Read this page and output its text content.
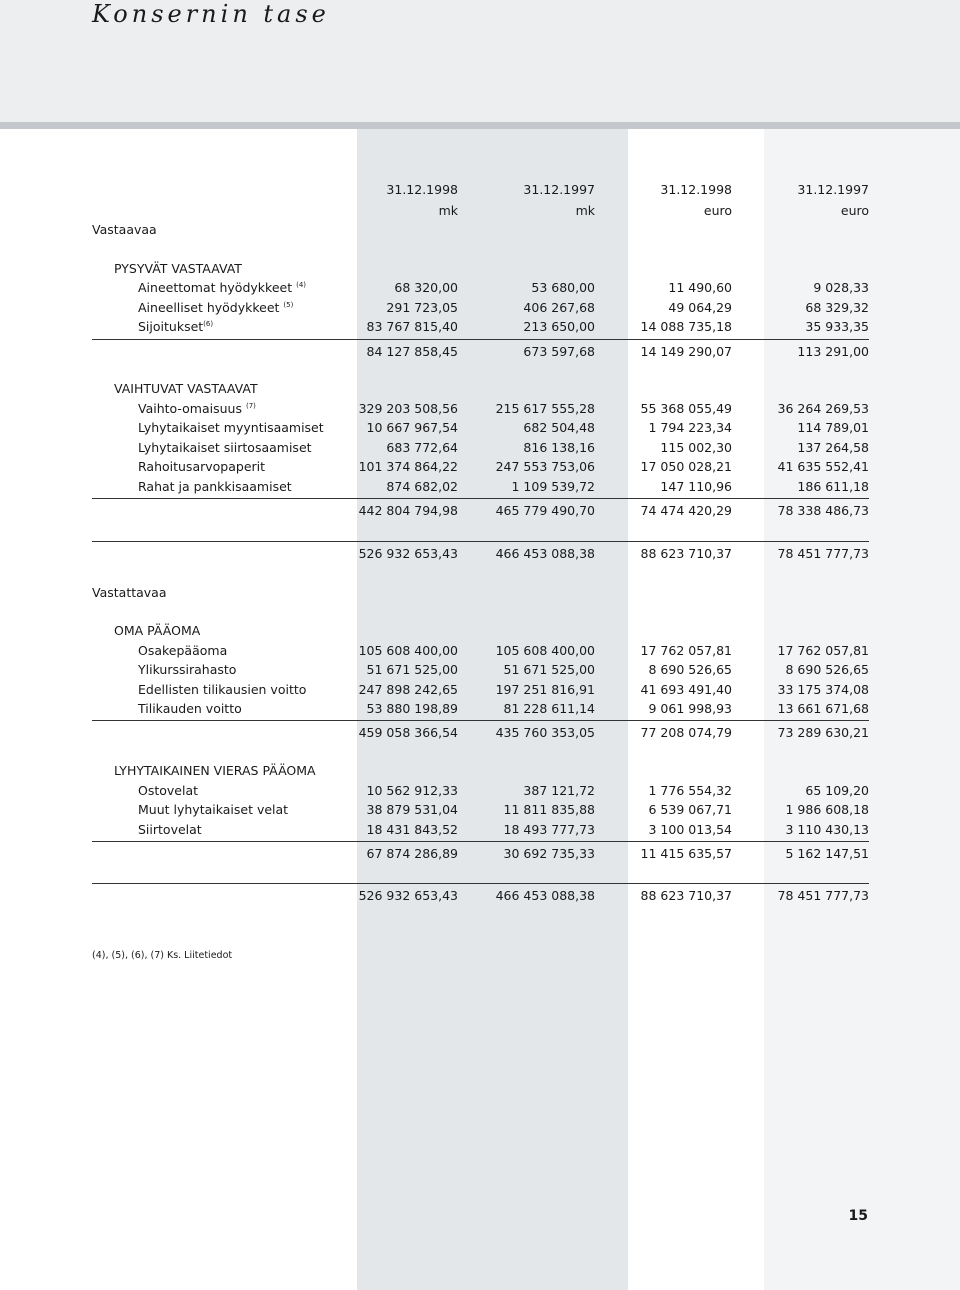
Konsernin tase
31.12.1998	31.12.1997	31.12.1998	31.12.1997
mk	mk	euro	euro
Vastaavaa
PYSYVÄT VASTAAVAT
Aineettomat hyödykkeet $^{(4)}$	68 320,00	53 680,00	11 490,60	9 028,33
Aineelliset hyödykkeet $^{(5)}$	291 723,05	406 267,68	49 064,29	68 329,32
Sijoitukset$^{(6)}$	83 767 815,40	213 650,00	14 088 735,18	35 933,35
84 127 858,45	673 597,68	14 149 290,07	113 291,00
VAIHTUVAT VASTAAVAT
Vaihto-omaisuus $^{(7)}$	329 203 508,56	215 617 555,28	55 368 055,49	36 264 269,53
Lyhytaikaiset myyntisaamiset	10 667 967,54	682 504,48	1 794 223,34	114 789,01
Lyhytaikaiset siirtosaamiset	683 772,64	816 138,16	115 002,30	137 264,58
Rahoitusarvopaperit	101 374 864,22	247 553 753,06	17 050 028,21	41 635 552,41
Rahat ja pankkisaamiset	874 682,02	1 109 539,72	147 110,96	186 611,18
442 804 794,98	465 779 490,70	74 474 420,29	78 338 486,73
526 932 653,43	466 453 088,38	88 623 710,37	78 451 777,73
Vastattavaa
OMA PÄÄOMA
Osakepääoma	105 608 400,00	105 608 400,00	17 762 057,81	17 762 057,81
Ylikurssirahasto	51 671 525,00	51 671 525,00	8 690 526,65	8 690 526,65
Edellisten tilikausien voitto	247 898 242,65	197 251 816,91	41 693 491,40	33 175 374,08
Tilikauden voitto	53 880 198,89	81 228 611,14	9 061 998,93	13 661 671,68
459 058 366,54	435 760 353,05	77 208 074,79	73 289 630,21
LYHYTAIKAINEN VIERAS PÄÄOMA
Ostovelat	10 562 912,33	387 121,72	1 776 554,32	65 109,20
Muut lyhytaikaiset velat	38 879 531,04	11 811 835,88	6 539 067,71	1 986 608,18
Siirtovelat	18 431 843,52	18 493 777,73	3 100 013,54	3 110 430,13
67 874 286,89	30 692 735,33	11 415 635,57	5 162 147,51
526 932 653,43	466 453 088,38	88 623 710,37	78 451 777,73
(4), (5), (6), (7) Ks. Liitetiedot
15
